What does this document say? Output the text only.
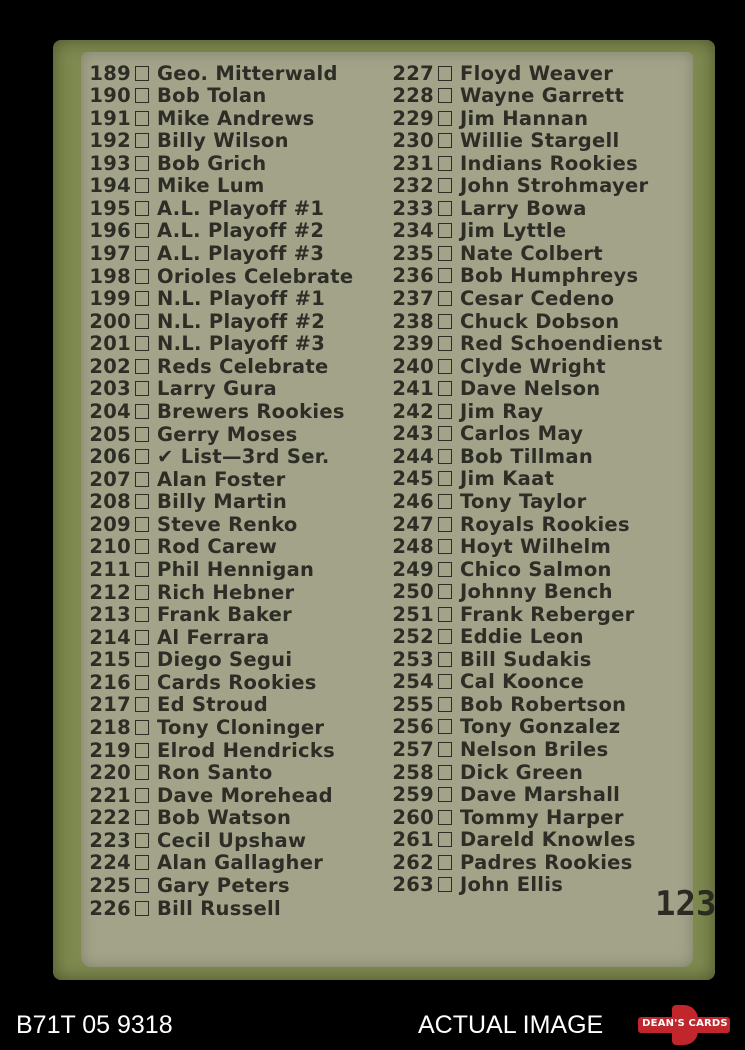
189 Geo. Mitterwald
190 Bob Tolan
191 Mike Andrews
192 Billy Wilson
193 Bob Grich
194 Mike Lum
195 A.L. Playoff #1
196 A.L. Playoff #2
197 A.L. Playoff #3
198 Orioles Celebrate
199 N.L. Playoff #1
200 N.L. Playoff #2
201 N.L. Playoff #3
202 Reds Celebrate
203 Larry Gura
204 Brewers Rookies
205 Gerry Moses
206 ✔ List—3rd Ser.
207 Alan Foster
208 Billy Martin
209 Steve Renko
210 Rod Carew
211 Phil Hennigan
212 Rich Hebner
213 Frank Baker
214 Al Ferrara
215 Diego Segui
216 Cards Rookies
217 Ed Stroud
218 Tony Cloninger
219 Elrod Hendricks
220 Ron Santo
221 Dave Morehead
222 Bob Watson
223 Cecil Upshaw
224 Alan Gallagher
225 Gary Peters
226 Bill Russell
227 Floyd Weaver
228 Wayne Garrett
229 Jim Hannan
230 Willie Stargell
231 Indians Rookies
232 John Strohmayer
233 Larry Bowa
234 Jim Lyttle
235 Nate Colbert
236 Bob Humphreys
237 Cesar Cedeno
238 Chuck Dobson
239 Red Schoendienst
240 Clyde Wright
241 Dave Nelson
242 Jim Ray
243 Carlos May
244 Bob Tillman
245 Jim Kaat
246 Tony Taylor
247 Royals Rookies
248 Hoyt Wilhelm
249 Chico Salmon
250 Johnny Bench
251 Frank Reberger
252 Eddie Leon
253 Bill Sudakis
254 Cal Koonce
255 Bob Robertson
256 Tony Gonzalez
257 Nelson Briles
258 Dick Green
259 Dave Marshall
260 Tommy Harper
261 Dareld Knowles
262 Padres Rookies
263 John Ellis	123
B71T 05 9318	ACTUAL IMAGE	DEAN'S CARDS
